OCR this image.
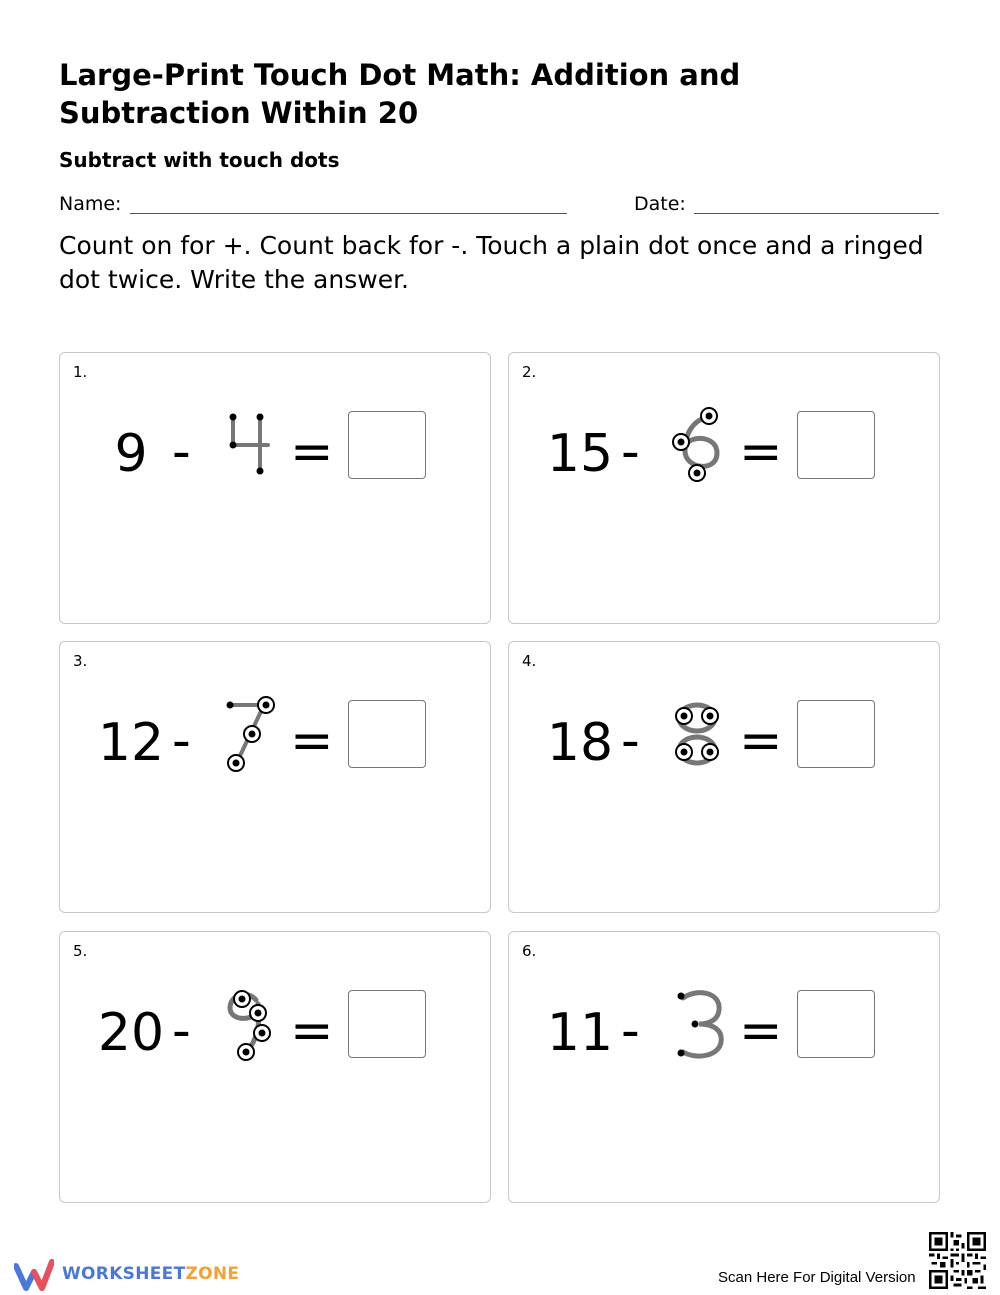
Large-Print Touch Dot Math: Addition and Subtraction Within 20
Subtract with touch dots
Name:	Date:

Count on for +. Count back for -. Touch a plain dot once and a ringed dot twice. Write the answer.

1.
9 - =
2.
15 - =
3.
12 - =
4.
18 - =
5.
20 - =
6.
11 - =
WORKSHEETZONE	Scan Here For Digital Version
